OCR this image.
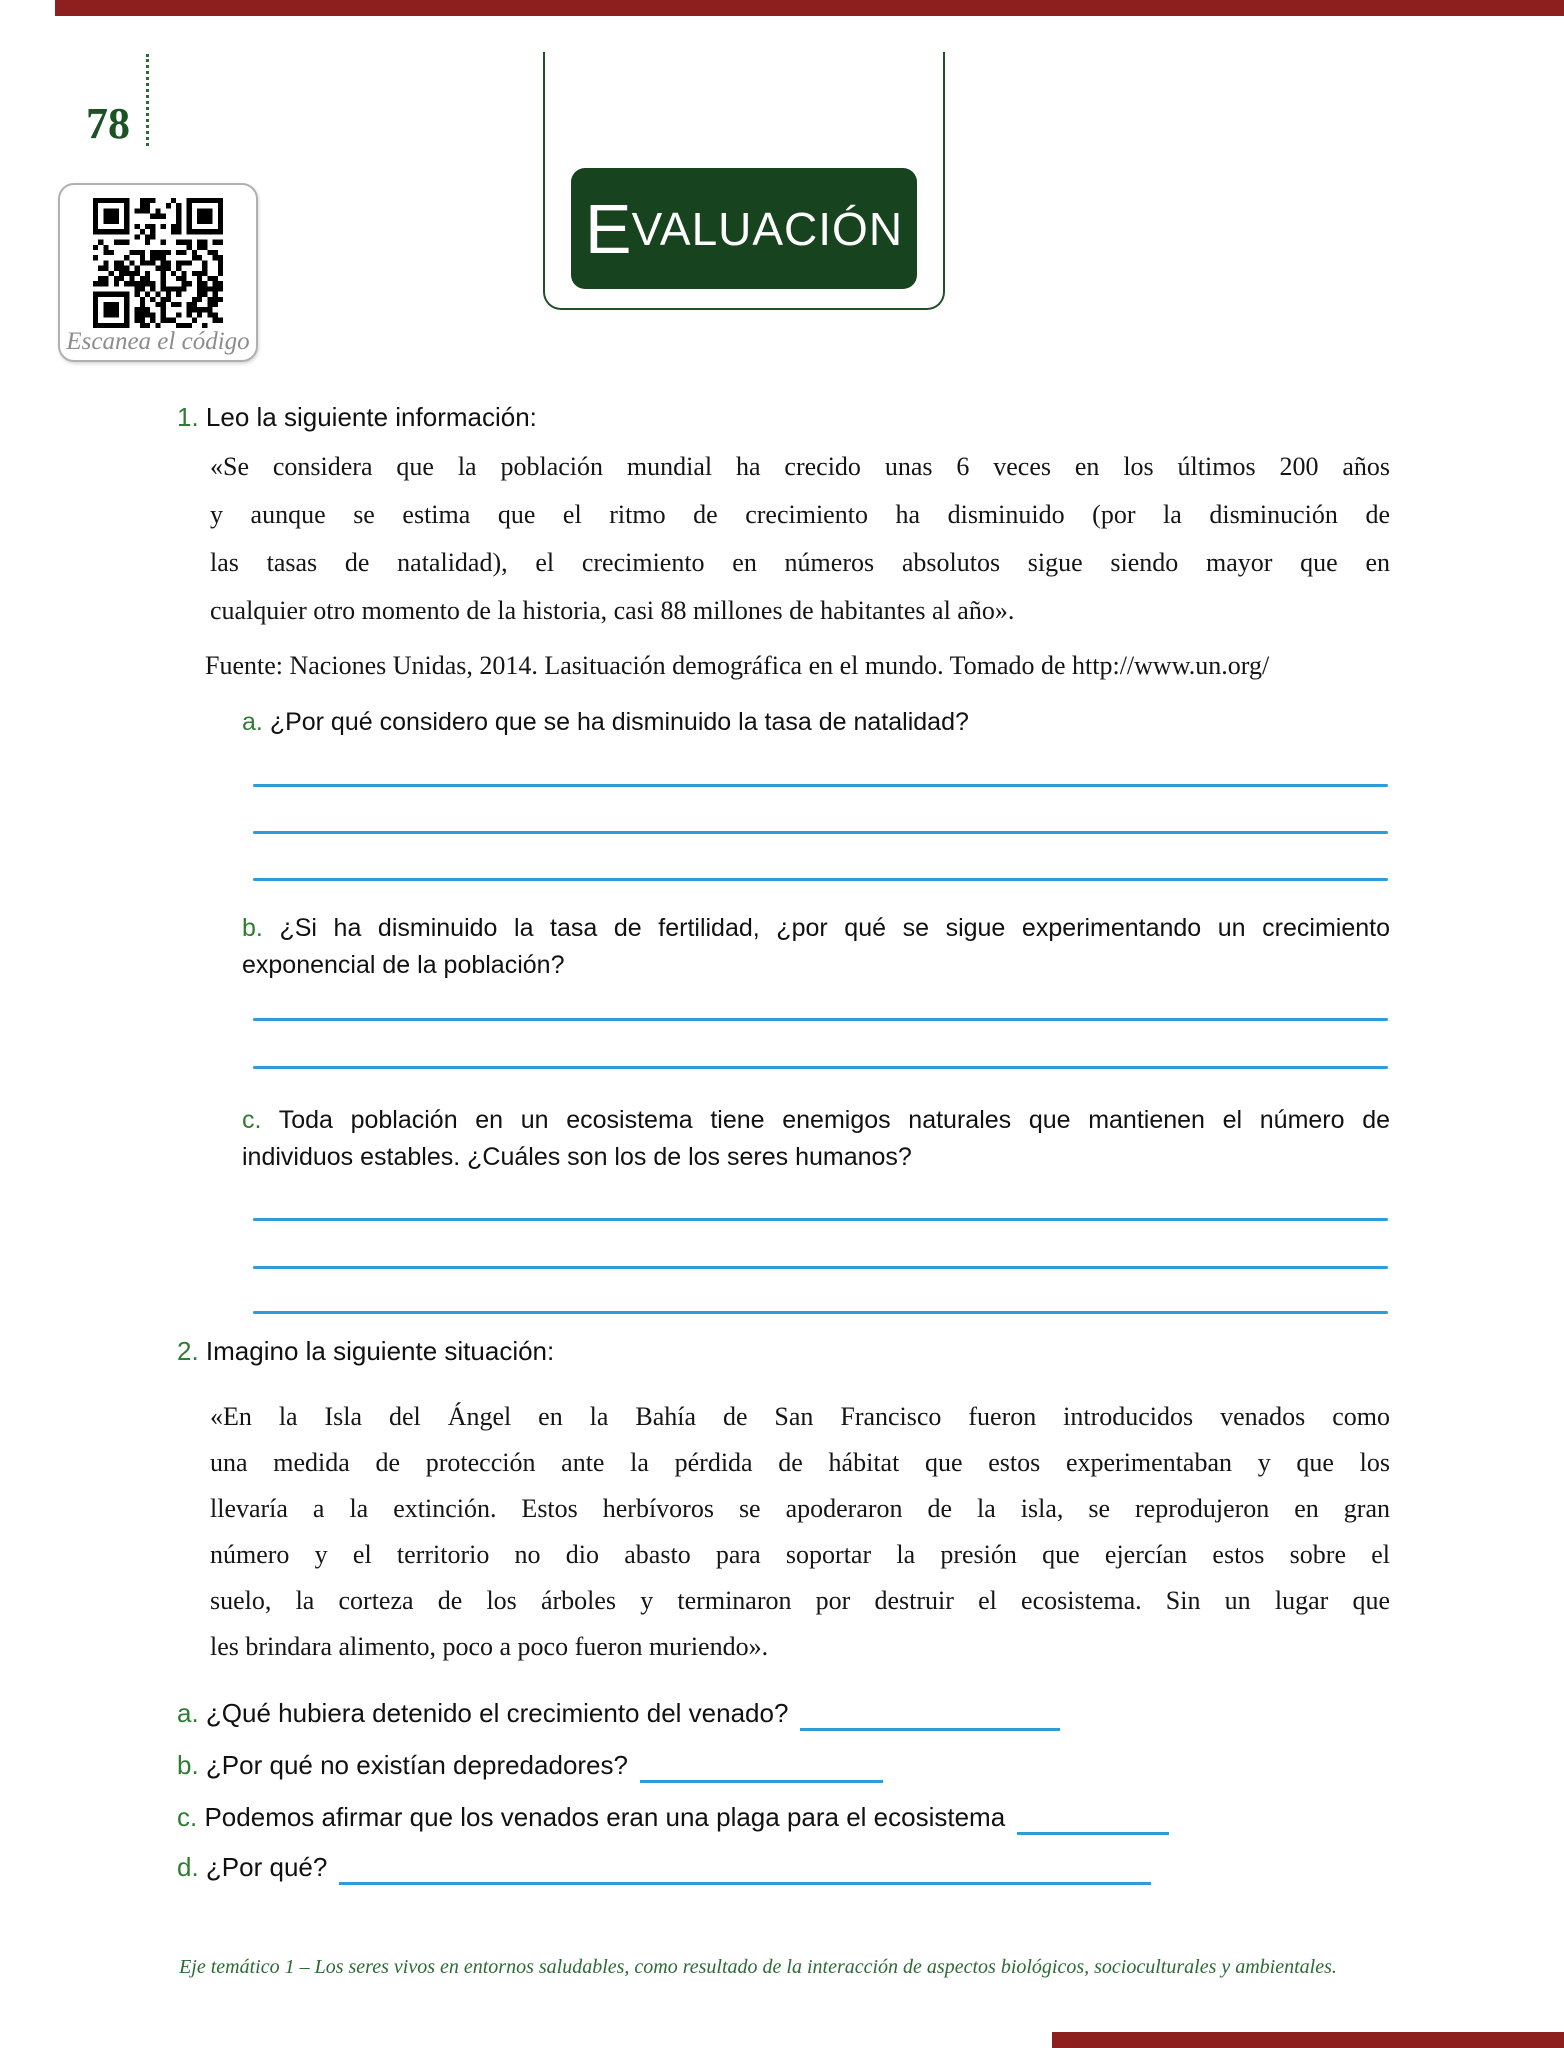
78
Escanea el código
E VALUACIÓN
1. Leo la siguiente información:
«Se considera que la población mundial ha crecido unas 6 veces en los últimos 200 años
y aunque se estima que el ritmo de crecimiento ha disminuido (por la disminución de
las tasas de natalidad), el crecimiento en números absolutos sigue siendo mayor que en
cualquier otro momento de la historia, casi 88 millones de habitantes al año».
Fuente: Naciones Unidas, 2014. Lasituación demográfica en el mundo. Tomado de http://www.un.org/
a. ¿Por qué considero que se ha disminuido la tasa de natalidad?
b. ¿Si ha disminuido la tasa de fertilidad, ¿por qué se sigue experimentando un crecimiento
exponencial de la población?
c. Toda población en un ecosistema tiene enemigos naturales que mantienen el número de
individuos estables. ¿Cuáles son los de los seres humanos?
2. Imagino la siguiente situación:
«En la Isla del Ángel en la Bahía de San Francisco fueron introducidos venados como
una medida de protección ante la pérdida de hábitat que estos experimentaban y que los
llevaría a la extinción. Estos herbívoros se apoderaron de la isla, se reprodujeron en gran
número y el territorio no dio abasto para soportar la presión que ejercían estos sobre el
suelo, la corteza de los árboles y terminaron por destruir el ecosistema. Sin un lugar que
les brindara alimento, poco a poco fueron muriendo».
a. ¿Qué hubiera detenido el crecimiento del venado?
b. ¿Por qué no existían depredadores?
c. Podemos afirmar que los venados eran una plaga para el ecosistema
d. ¿Por qué?
Eje temático 1 – Los seres vivos en entornos saludables, como resultado de la interacción de aspectos biológicos, socioculturales y ambientales.
